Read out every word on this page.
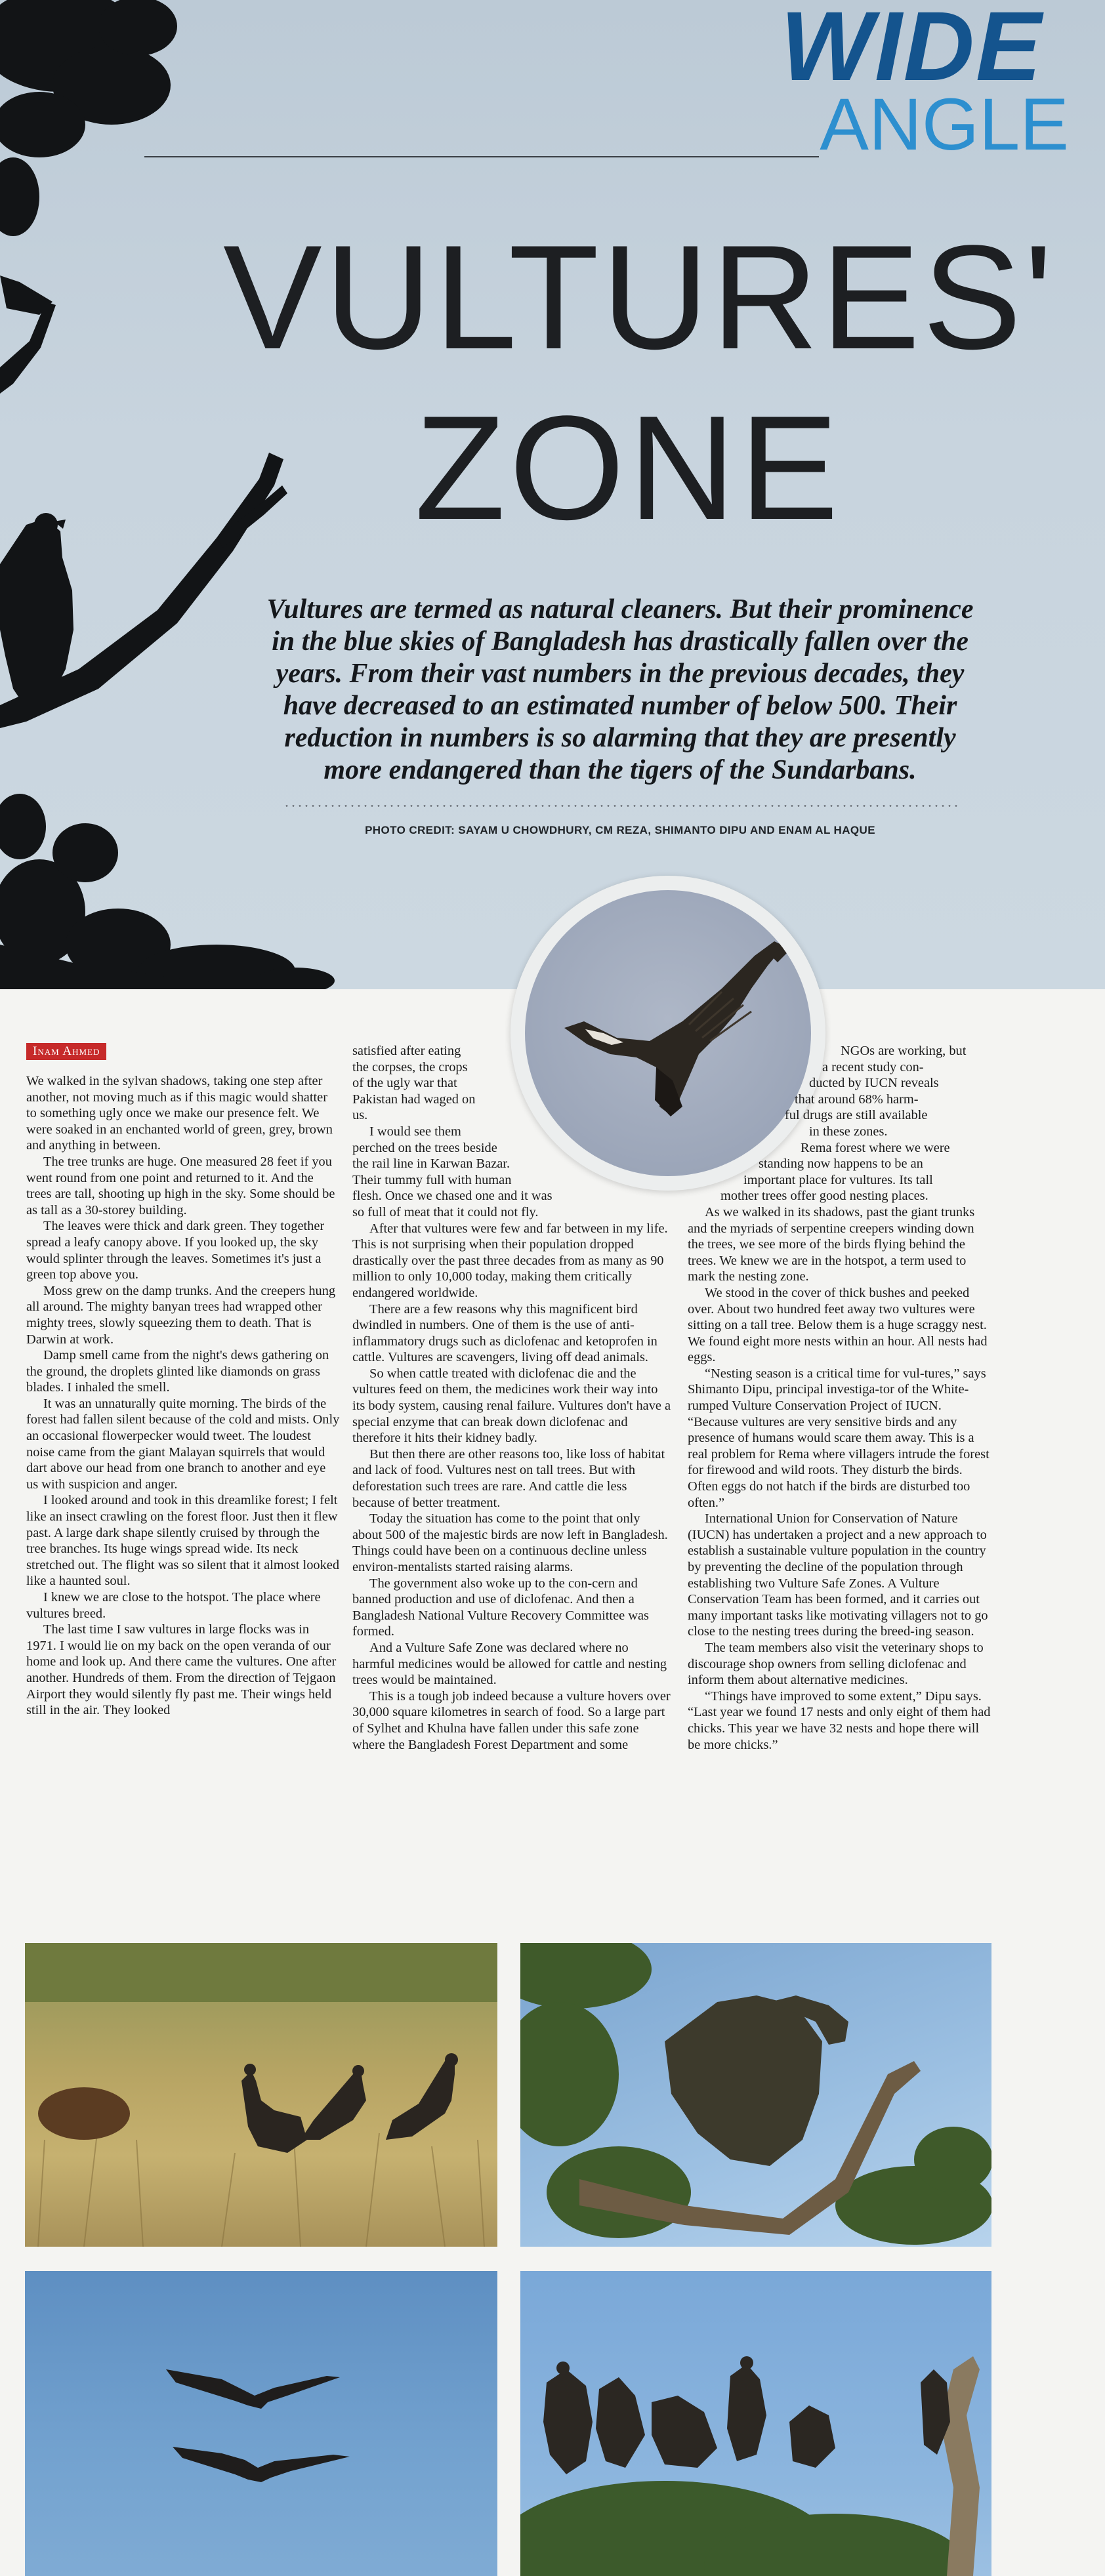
WIDE
ANGLE
VULTURES'
ZONE
Vultures are termed as natural cleaners. But their prominence in the blue skies of Bangladesh has drastically fallen over the years. From their vast numbers in the previous decades, they have decreased to an estimated number of below 500. Their reduction in numbers is so alarming that they are presently more endangered than the tigers of the Sundarbans.
PHOTO CREDIT: SAYAM U CHOWDHURY, CM REZA, SHIMANTO DIPU AND ENAM AL HAQUE
Inam Ahmed

We walked in the sylvan shadows, taking one step after another, not moving much as if this magic would shatter to something ugly once we make our presence felt. We were soaked in an enchanted world of green, grey, brown and anything in between.

The tree trunks are huge. One measured 28 feet if you went round from one point and returned to it. And the trees are tall, shooting up high in the sky. Some should be as tall as a 30-storey building.

The leaves were thick and dark green. They together spread a leafy canopy above. If you looked up, the sky would splinter through the leaves. Sometimes it's just a green top above you.

Moss grew on the damp trunks. And the creepers hung all around. The mighty banyan trees had wrapped other mighty trees, slowly squeezing them to death. That is Darwin at work.

Damp smell came from the night's dews gathering on the ground, the droplets glinted like diamonds on grass blades. I inhaled the smell.

It was an unnaturally quite morning. The birds of the forest had fallen silent because of the cold and mists. Only an occasional flowerpecker would tweet. The loudest noise came from the giant Malayan squirrels that would dart above our head from one branch to another and eye us with suspicion and anger.

I looked around and took in this dreamlike forest; I felt like an insect crawling on the forest floor. Just then it flew past. A large dark shape silently cruised by through the tree branches. Its huge wings spread wide. Its neck stretched out. The flight was so silent that it almost looked like a haunted soul.

I knew we are close to the hotspot. The place where vultures breed.

The last time I saw vultures in large flocks was in 1971. I would lie on my back on the open veranda of our home and look up. And there came the vultures. One after another. Hundreds of them. From the direction of Tejgaon Airport they would silently fly past me. Their wings held still in the air. They looked

satisfied after eating
the corpses, the crops
of the ugly war that
Pakistan had waged on
us.
I would see them
perched on the trees beside
the rail line in Karwan Bazar.
Their tummy full with human
flesh. Once we chased one and it was

so full of meat that it could not fly.

After that vultures were few and far between in my life. This is not surprising when their population dropped drastically over the past three decades from as many as 90 million to only 10,000 today, making them critically endangered worldwide.

There are a few reasons why this magnificent bird dwindled in numbers. One of them is the use of anti-inflammatory drugs such as diclofenac and ketoprofen in cattle. Vultures are scavengers, living off dead animals.

So when cattle treated with diclofenac die and the vultures feed on them, the medicines work their way into its body system, causing renal failure. Vultures don't have a special enzyme that can break down diclofenac and therefore it hits their kidney badly.

But then there are other reasons too, like loss of habitat and lack of food. Vultures nest on tall trees. But with deforestation such trees are rare. And cattle die less because of better treatment.

Today the situation has come to the point that only about 500 of the majestic birds are now left in Bangladesh. Things could have been on a continuous decline unless environ-mentalists started raising alarms.

The government also woke up to the con-cern and banned production and use of diclofenac. And then a Bangladesh National Vulture Recovery Committee was formed.

And a Vulture Safe Zone was declared where no harmful medicines would be allowed for cattle and nesting trees would be maintained.

This is a tough job indeed because a vulture hovers over 30,000 square kilometres in search of food. So a large part of Sylhet and Khulna have fallen under this safe zone where the Bangladesh Forest Department and some

NGOs are working, but
a recent study con-
ducted by IUCN reveals
that around 68% harm-
ful drugs are still available
in these zones.
Rema forest where we were
standing now happens to be an
important place for vultures. Its tall
mother trees offer good nesting places.

As we walked in its shadows, past the giant trunks and the myriads of serpentine creepers winding down the trees, we see more of the birds flying behind the trees. We knew we are in the hotspot, a term used to mark the nesting zone.

We stood in the cover of thick bushes and peeked over. About two hundred feet away two vultures were sitting on a tall tree. Below them is a huge scraggy nest. We found eight more nests within an hour. All nests had eggs.

“Nesting season is a critical time for vul-tures,” says Shimanto Dipu, principal investiga-tor of the White-rumped Vulture Conservation Project of IUCN. “Because vultures are very sensitive birds and any presence of humans would scare them away. This is a real problem for Rema where villagers intrude the forest for firewood and wild roots. They disturb the birds. Often eggs do not hatch if the birds are disturbed too often.”

International Union for Conservation of Nature (IUCN) has undertaken a project and a new approach to establish a sustainable vulture population in the country by preventing the decline of the population through establishing two Vulture Safe Zones. A Vulture Conservation Team has been formed, and it carries out many important tasks like motivating villagers not to go close to the nesting trees during the breed-ing season.

The team members also visit the veterinary shops to discourage shop owners from selling diclofenac and inform them about alternative medicines.

“Things have improved to some extent,” Dipu says. “Last year we found 17 nests and only eight of them had chicks. This year we have 32 nests and hope there will be more chicks.”
